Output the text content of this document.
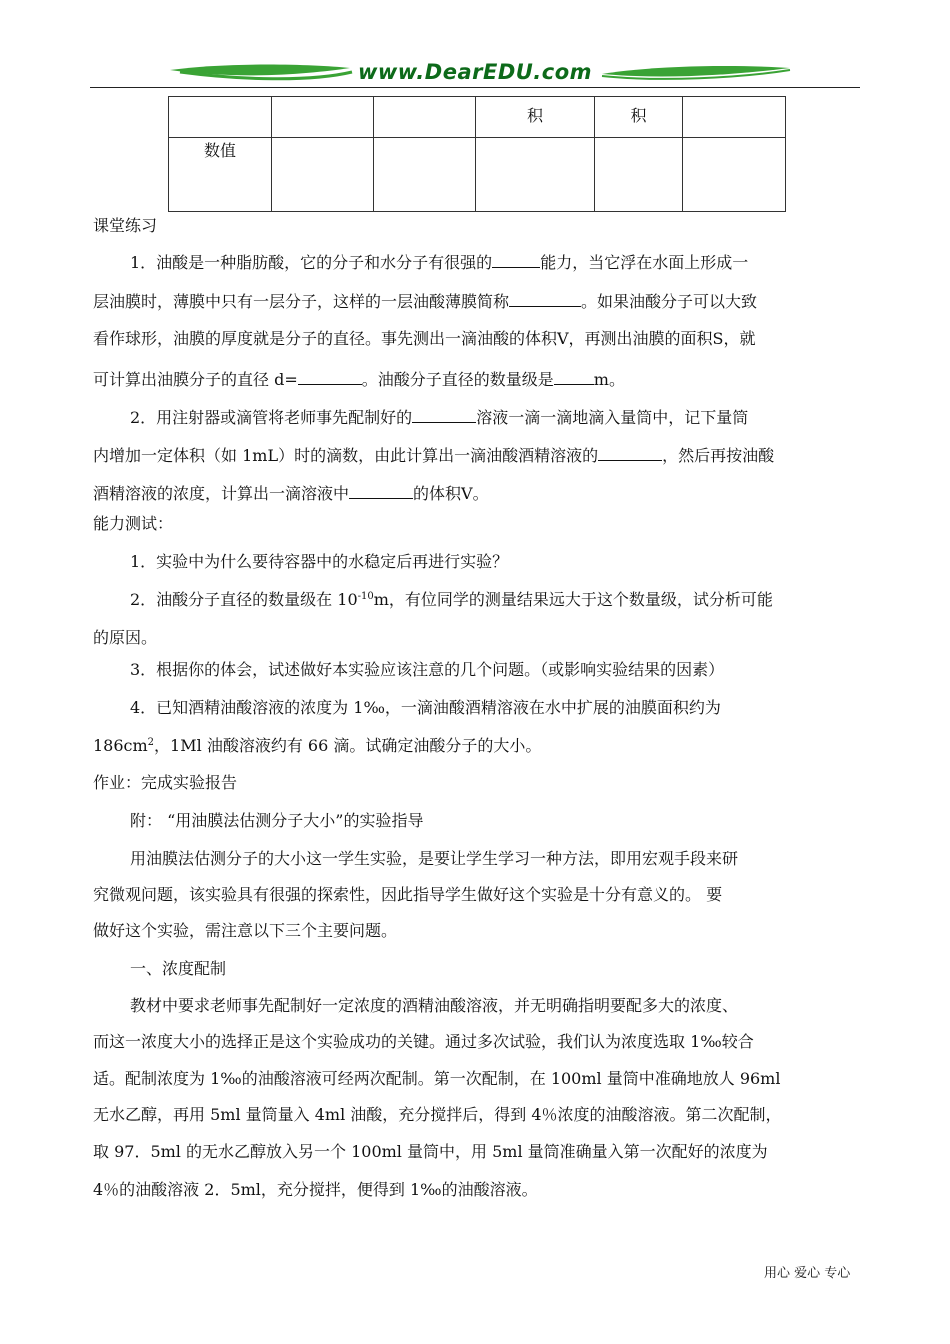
www.DearEDU.com

			积	积	

数值					
课堂练习
1．油酸是一种脂肪酸，它的分子和水分子有很强的	能力，当它浮在水面上形成一
层油膜时，薄膜中只有一层分子，这样的一层油酸薄膜简称	。如果油酸分子可以大致
看作球形，油膜的厚度就是分子的直径。事先测出一滴油酸的体积V，再测出油膜的面积S，就
可计算出油膜分子的直径 d=	。油酸分子直径的数量级是	m。
2．用注射器或滴管将老师事先配制好的	溶液一滴一滴地滴入量筒中，记下量筒
内增加一定体积（如 1mL）时的滴数，由此计算出一滴油酸酒精溶液的	，然后再按油酸
酒精溶液的浓度，计算出一滴溶液中	的体积V。
能力测试：
1．实验中为什么要待容器中的水稳定后再进行实验？
2．油酸分子直径的数量级在 $10^{-10}m$，有位同学的测量结果远大于这个数量级，试分析可能
的原因。
3．根据你的体会，试述做好本实验应该注意的几个问题。（或影响实验结果的因素）
4．已知酒精油酸溶液的浓度为 1‰，一滴油酸酒精溶液在水中扩展的油膜面积约为
$186cm^2$，1Ml 油酸溶液约有 66 滴。试确定油酸分子的大小。
作业：完成实验报告
附： “用油膜法估测分子大小”的实验指导
用油膜法估测分子的大小这一学生实验，是要让学生学习一种方法，即用宏观手段来研
究微观问题，该实验具有很强的探索性，因此指导学生做好这个实验是十分有意义的。 要
做好这个实验，需注意以下三个主要问题。
一、浓度配制
教材中要求老师事先配制好一定浓度的酒精油酸溶液，并无明确指明要配多大的浓度、
而这一浓度大小的选择正是这个实验成功的关键。通过多次试验，我们认为浓度选取 1‰较合
适。配制浓度为 1‰的油酸溶液可经两次配制。第一次配制，在 100ml 量筒中准确地放人 96ml
无水乙醇，再用 5ml 量筒量入 4ml 油酸，充分搅拌后，得到 4％浓度的油酸溶液。第二次配制，
取 97．5ml 的无水乙醇放入另一个 100ml 量筒中，用 5ml 量筒准确量入第一次配好的浓度为
4％的油酸溶液 2．5ml，充分搅拌，便得到 1‰的油酸溶液。
用心 爱心 专心
